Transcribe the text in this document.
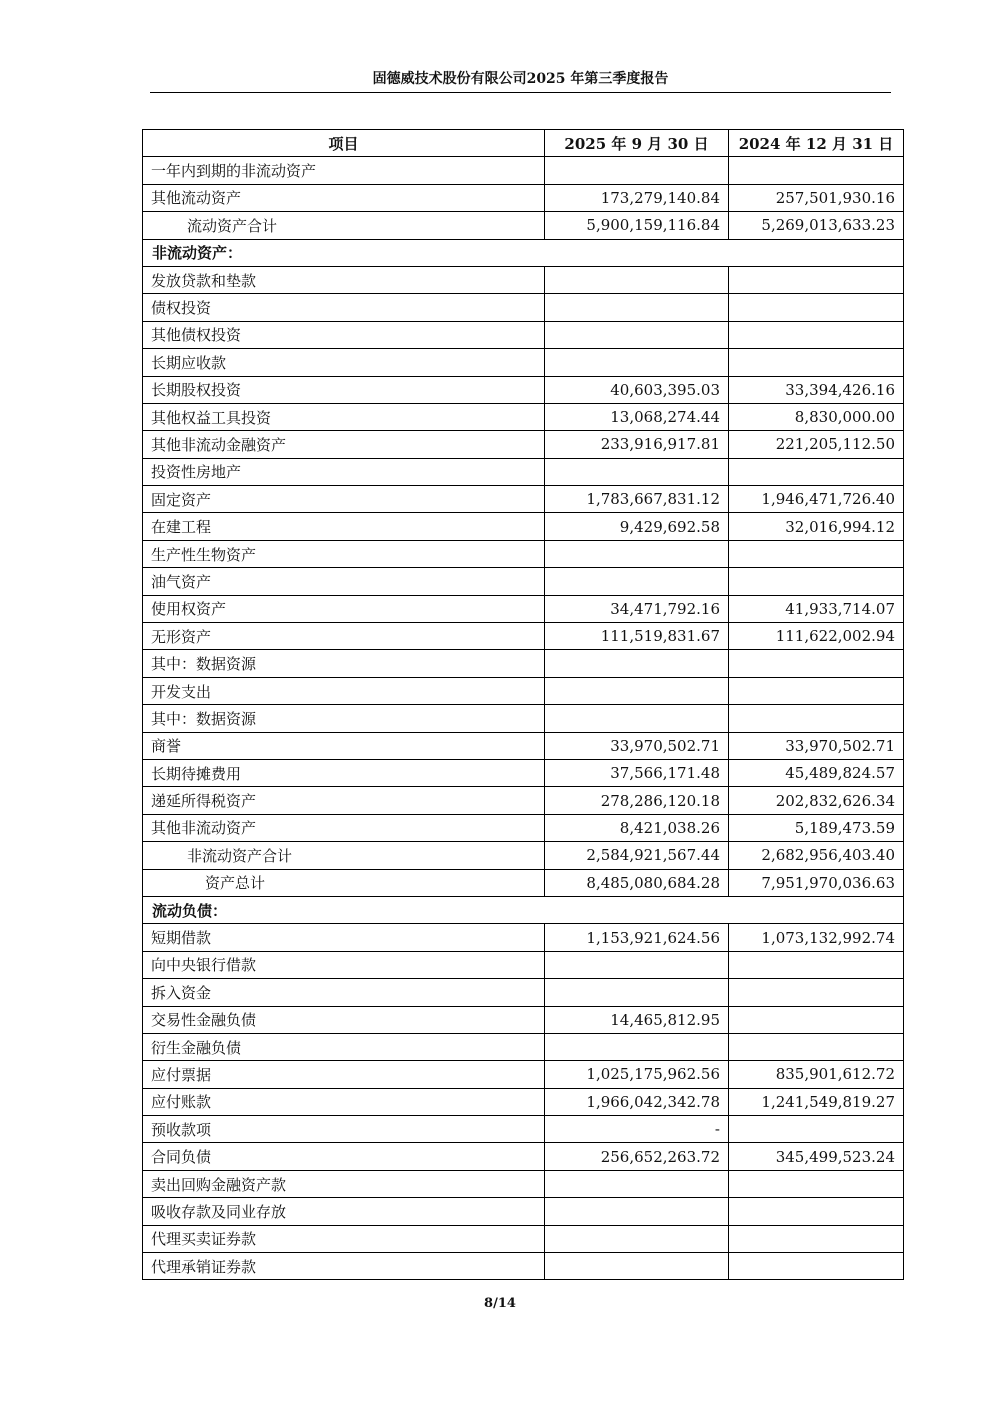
固德威技术股份有限公司2025 年第三季度报告
项目	2025 年 9 月 30 日	2024 年 12 月 31 日
一年内到期的非流动资产		
其他流动资产	173,279,140.84	257,501,930.16
流动资产合计	5,900,159,116.84	5,269,013,633.23
非流动资产：		
发放贷款和垫款		
债权投资		
其他债权投资		
长期应收款		
长期股权投资	40,603,395.03	33,394,426.16
其他权益工具投资	13,068,274.44	8,830,000.00
其他非流动金融资产	233,916,917.81	221,205,112.50
投资性房地产		
固定资产	1,783,667,831.12	1,946,471,726.40
在建工程	9,429,692.58	32,016,994.12
生产性生物资产		
油气资产		
使用权资产	34,471,792.16	41,933,714.07
无形资产	111,519,831.67	111,622,002.94
其中：数据资源		
开发支出		
其中：数据资源		
商誉	33,970,502.71	33,970,502.71
长期待摊费用	37,566,171.48	45,489,824.57
递延所得税资产	278,286,120.18	202,832,626.34
其他非流动资产	8,421,038.26	5,189,473.59
非流动资产合计	2,584,921,567.44	2,682,956,403.40
资产总计	8,485,080,684.28	7,951,970,036.63
流动负债：		
短期借款	1,153,921,624.56	1,073,132,992.74
向中央银行借款		
拆入资金		
交易性金融负债	14,465,812.95	
衍生金融负债		
应付票据	1,025,175,962.56	835,901,612.72
应付账款	1,966,042,342.78	1,241,549,819.27
预收款项	-	
合同负债	256,652,263.72	345,499,523.24
卖出回购金融资产款		
吸收存款及同业存放		
代理买卖证券款		
代理承销证券款		
8/14
